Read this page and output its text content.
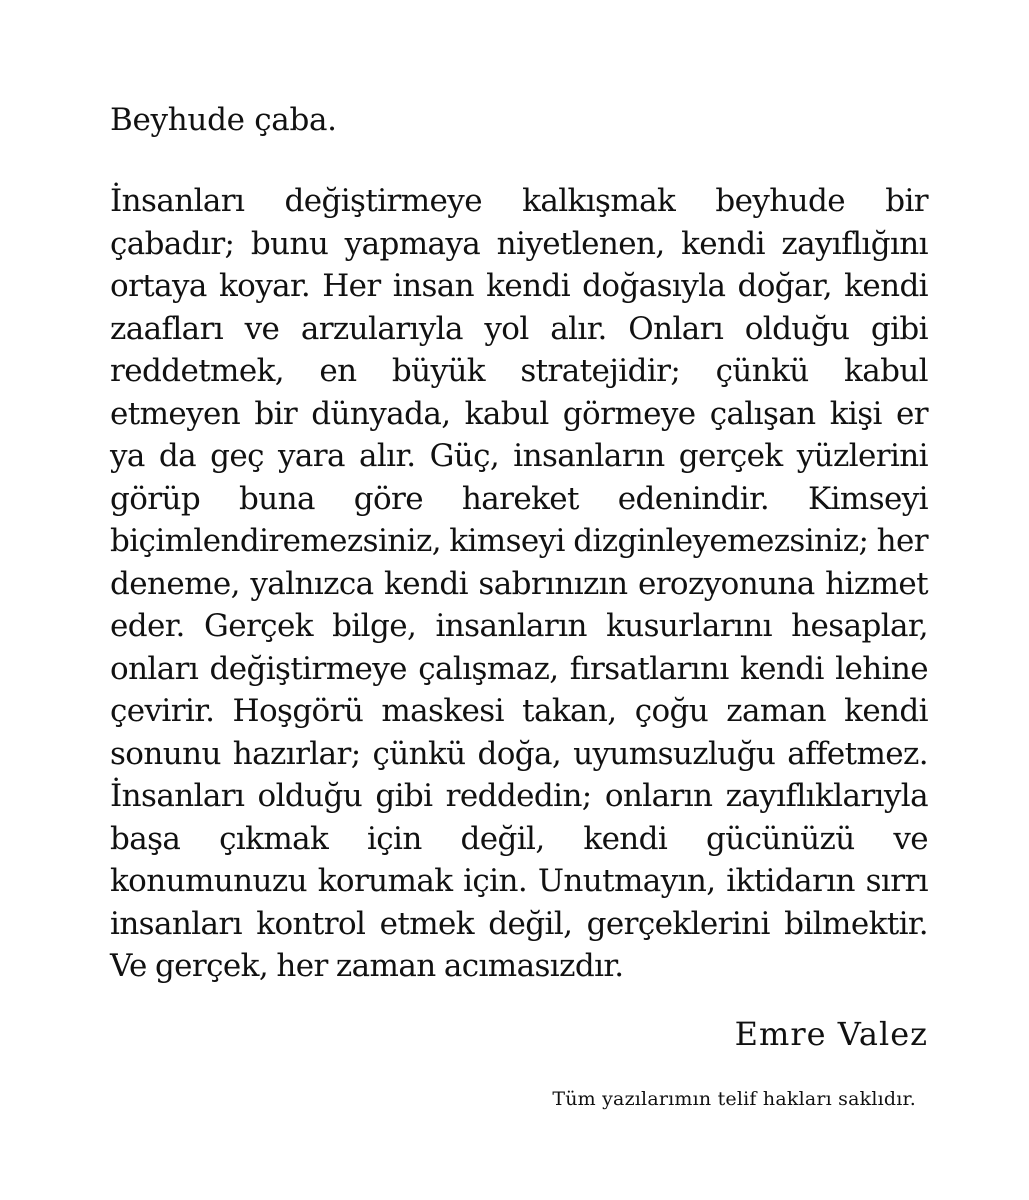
Beyhude çaba.

İnsanları değiştirmeye kalkışmak beyhude bir çabadır; bunu yapmaya niyetlenen, kendi zayıflığını ortaya koyar. Her insan kendi doğasıyla doğar, kendi zaafları ve arzularıyla yol alır. Onları olduğu gibi reddetmek, en büyük stratejidir; çünkü kabul etmeyen bir dünyada, kabul görmeye çalışan kişi er ya da geç yara alır. Güç, insanların gerçek yüzlerini görüp buna göre hareket edenindir. Kimseyi biçimlendiremezsiniz, kimseyi dizginleyemezsiniz; her deneme, yalnızca kendi sabrınızın erozyonuna hizmet eder. Gerçek bilge, insanların kusurlarını hesaplar, onları değiştirmeye çalışmaz, fırsatlarını kendi lehine çevirir. Hoşgörü maskesi takan, çoğu zaman kendi sonunu hazırlar; çünkü doğa, uyumsuzluğu affetmez. İnsanları olduğu gibi reddedin; onların zayıflıklarıyla başa çıkmak için değil, kendi gücünüzü ve konumunuzu korumak için. Unutmayın, iktidarın sırrı insanları kontrol etmek değil, gerçeklerini bilmektir. Ve gerçek, her zaman acımasızdır.

Emre Valez
Tüm yazılarımın telif hakları saklıdır.
